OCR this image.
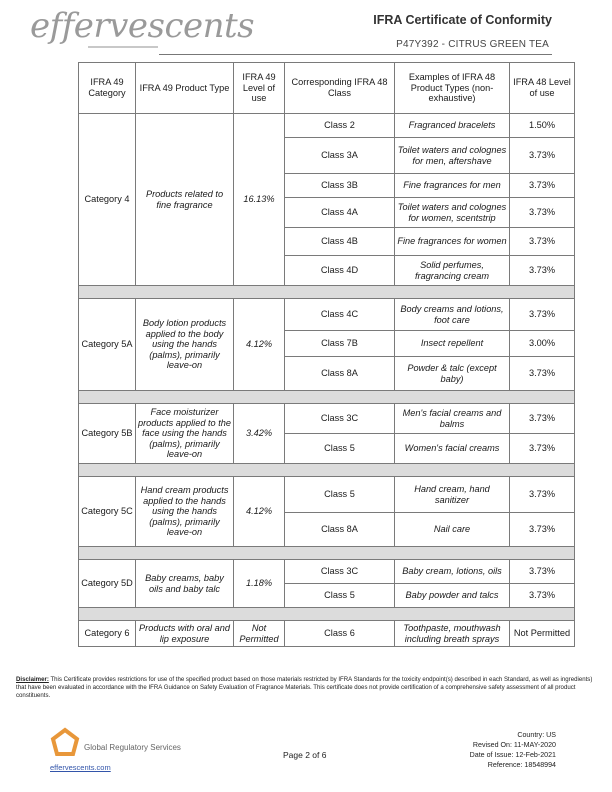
effervescents	IFRA Certificate of Conformity
P47Y392 - CITRUS GREEN TEA
IFRA 49 Category	IFRA 49 Product Type	IFRA 49 Level of use	Corresponding IFRA 48 Class	Examples of IFRA 48 Product Types (non-exhaustive)	IFRA 48 Level of use
Category 4	Products related to fine fragrance	16.13%	Class 2	Fragranced bracelets	1.50%
			Class 3A	Toilet waters and colognes for men, aftershave	3.73%
			Class 3B	Fine fragrances for men	3.73%
			Class 4A	Toilet waters and colognes for women, scentstrip	3.73%
			Class 4B	Fine fragrances for women	3.73%
			Class 4D	Solid perfumes, fragrancing cream	3.73%

Category 5A	Body lotion products applied to the body using the hands (palms), primarily leave-on	4.12%	Class 4C	Body creams and lotions, foot care	3.73%
			Class 7B	Insect repellent	3.00%
			Class 8A	Powder & talc (except baby)	3.73%

Category 5B	Face moisturizer products applied to the face using the hands (palms), primarily leave-on	3.42%	Class 3C	Men's facial creams and balms	3.73%
			Class 5	Women's facial creams	3.73%

Category 5C	Hand cream products applied to the hands using the hands (palms), primarily leave-on	4.12%	Class 5	Hand cream, hand sanitizer	3.73%
			Class 8A	Nail care	3.73%

Category 5D	Baby creams, baby oils and baby talc	1.18%	Class 3C	Baby cream, lotions, oils	3.73%
			Class 5	Baby powder and talcs	3.73%

Category 6	Products with oral and lip exposure	Not Permitted	Class 6	Toothpaste, mouthwash including breath sprays	Not Permitted
Disclaimer: This Certificate provides restrictions for use of the specified product based on those materials restricted by IFRA Standards for the toxicity endpoint(s) described in each Standard, as well as ingredients) that have been evaluated in accordance with the IFRA Guidance on Safety Evaluation of Fragrance Materials. This certificate does not provide certification of a comprehensive safety assessment of all product constituents.
Global Regulatory Services
effervescents.com
Page 2 of 6
Country: US
Revised On: 11-MAY-2020
Date of Issue: 12-Feb-2021
Reference: 18548994
